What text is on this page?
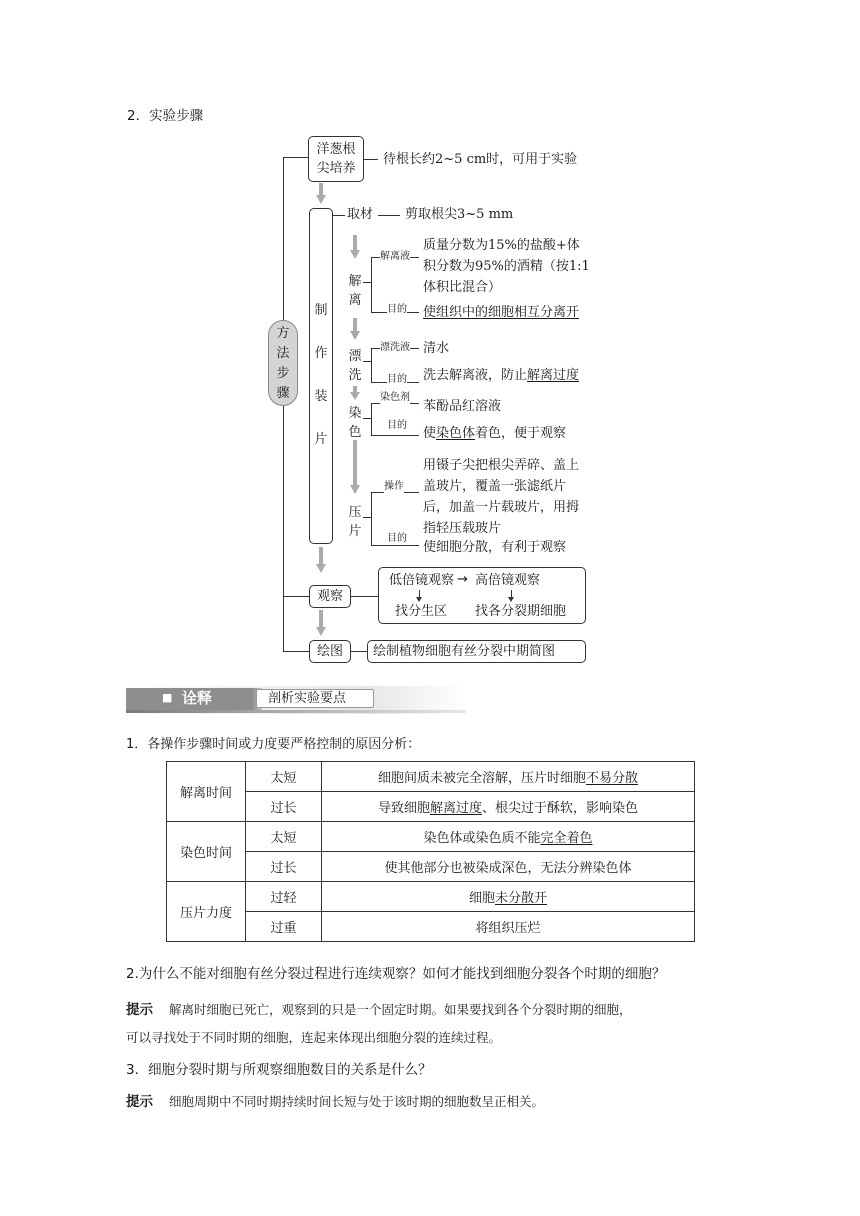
2．实验步骤
方
法
步
骤
洋葱根
尖培养
待根长约2~5 cm时，可用于实验
制
作
装
片
取材 剪取根尖3~5 mm
解
离
解离液
目的
质量分数为15%的盐酸+体
积分数为95%的酒精（按1:1
体积比混合）
使组织中的细胞相互分离开
漂
洗
漂洗液
目的
清水
洗去解离液，防止解离过度
染
色
染色剂
目的
苯酚品红溶液
使染色体着色，便于观察
压
片
操作
目的
用镊子尖把根尖弄碎、盖上
盖玻片，覆盖一张滤纸片
后，加盖一片载玻片，用拇
指轻压载玻片
使细胞分散，有利于观察
观察
低倍镜观察 → 高倍镜观察
找分生区 找各分裂期细胞
绘图	绘制植物细胞有丝分裂中期简图
■ 诠释	剖析实验要点
1．各操作步骤时间或力度要严格控制的原因分析：
解离时间	太短	细胞间质未被完全溶解，压片时细胞不易分散
	过长	导致细胞解离过度、根尖过于酥软，影响染色
染色时间	太短	染色体或染色质不能完全着色
	过长	使其他部分也被染成深色，无法分辨染色体
压片力度	过轻	细胞未分散开
	过重	将组织压烂
2.为什么不能对细胞有丝分裂过程进行连续观察？如何才能找到细胞分裂各个时期的细胞？
提示 解离时细胞已死亡，观察到的只是一个固定时期。如果要找到各个分裂时期的细胞，
可以寻找处于不同时期的细胞，连起来体现出细胞分裂的连续过程。
3．细胞分裂时期与所观察细胞数目的关系是什么？
提示 细胞周期中不同时期持续时间长短与处于该时期的细胞数呈正相关。
